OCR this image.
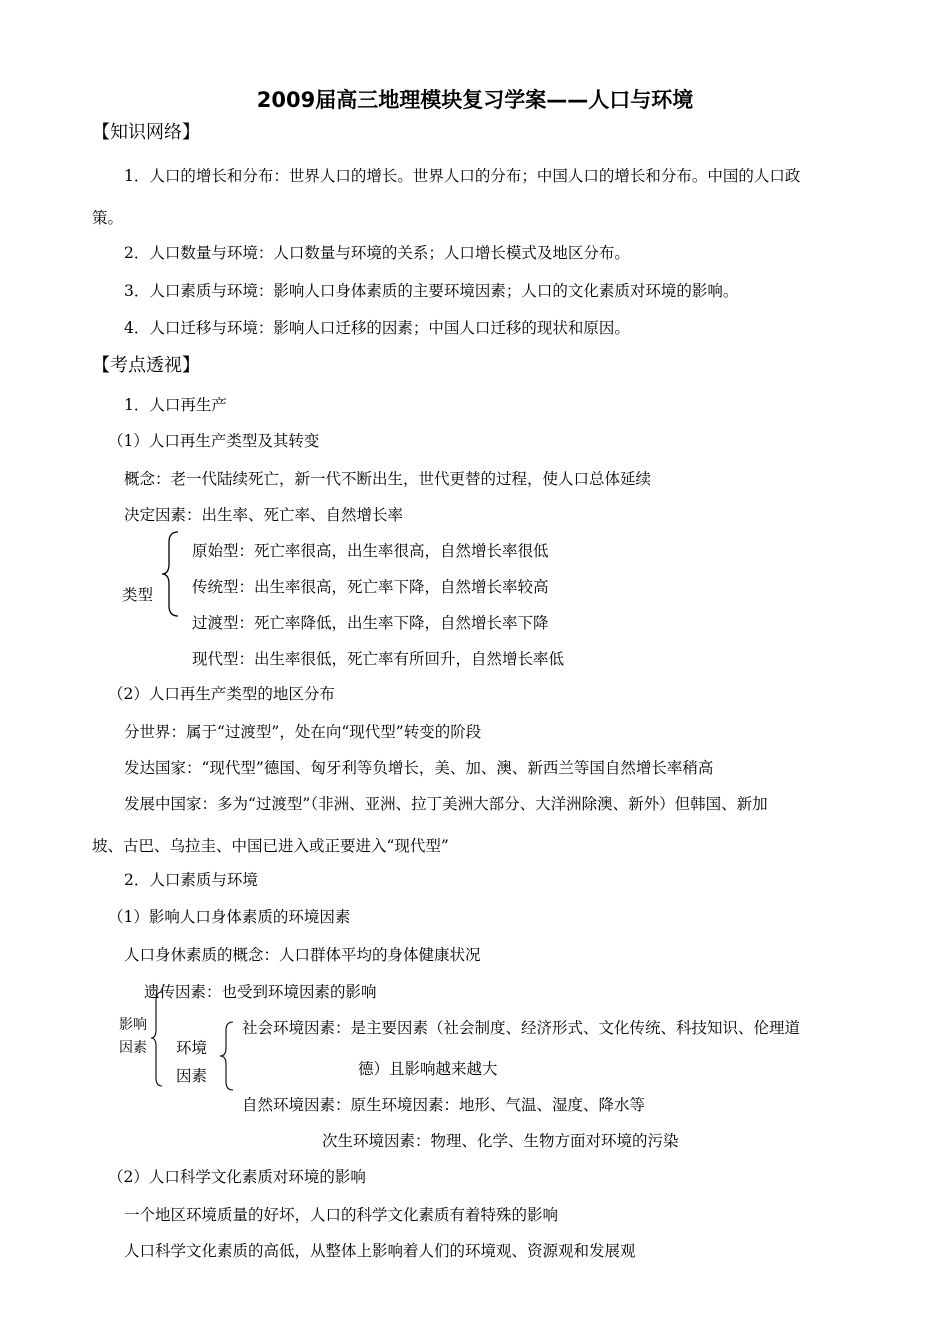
2009届高三地理模块复习学案——人口与环境
【知识网络】
1．人口的增长和分布：世界人口的增长。世界人口的分布；中国人口的增长和分布。中国的人口政
策。
2．人口数量与环境：人口数量与环境的关系；人口增长模式及地区分布。
3．人口素质与环境：影响人口身体素质的主要环境因素；人口的文化素质对环境的影响。
4．人口迁移与环境：影响人口迁移的因素；中国人口迁移的现状和原因。
【考点透视】
1．人口再生产
（1）人口再生产类型及其转变
概念：老一代陆续死亡，新一代不断出生，世代更替的过程，使人口总体延续
决定因素：出生率、死亡率、自然增长率
类型
原始型：死亡率很高，出生率很高，自然增长率很低
传统型：出生率很高，死亡率下降，自然增长率较高
过渡型：死亡率降低，出生率下降，自然增长率下降
现代型：出生率很低，死亡率有所回升，自然增长率低
（2）人口再生产类型的地区分布
分世界：属于“过渡型”，处在向“现代型”转变的阶段
发达国家：“现代型”德国、匈牙利等负增长，美、加、澳、新西兰等国自然增长率稍高
发展中国家：多为“过渡型”（非洲、亚洲、拉丁美洲大部分、大洋洲除澳、新外）但韩国、新加
坡、古巴、乌拉圭、中国已进入或正要进入“现代型”
2．人口素质与环境
（1）影响人口身体素质的环境因素
人口身休素质的概念：人口群体平均的身体健康状况
遗传因素：也受到环境因素的影响
影响
因素 环境
因素
社会环境因素：是主要因素（社会制度、经济形式、文化传统、科技知识、伦理道
德）且影响越来越大
自然环境因素：原生环境因素：地形、气温、湿度、降水等
次生环境因素：物理、化学、生物方面对环境的污染
（2）人口科学文化素质对环境的影响
一个地区环境质量的好坏，人口的科学文化素质有着特殊的影响
人口科学文化素质的高低，从整体上影响着人们的环境观、资源观和发展观
